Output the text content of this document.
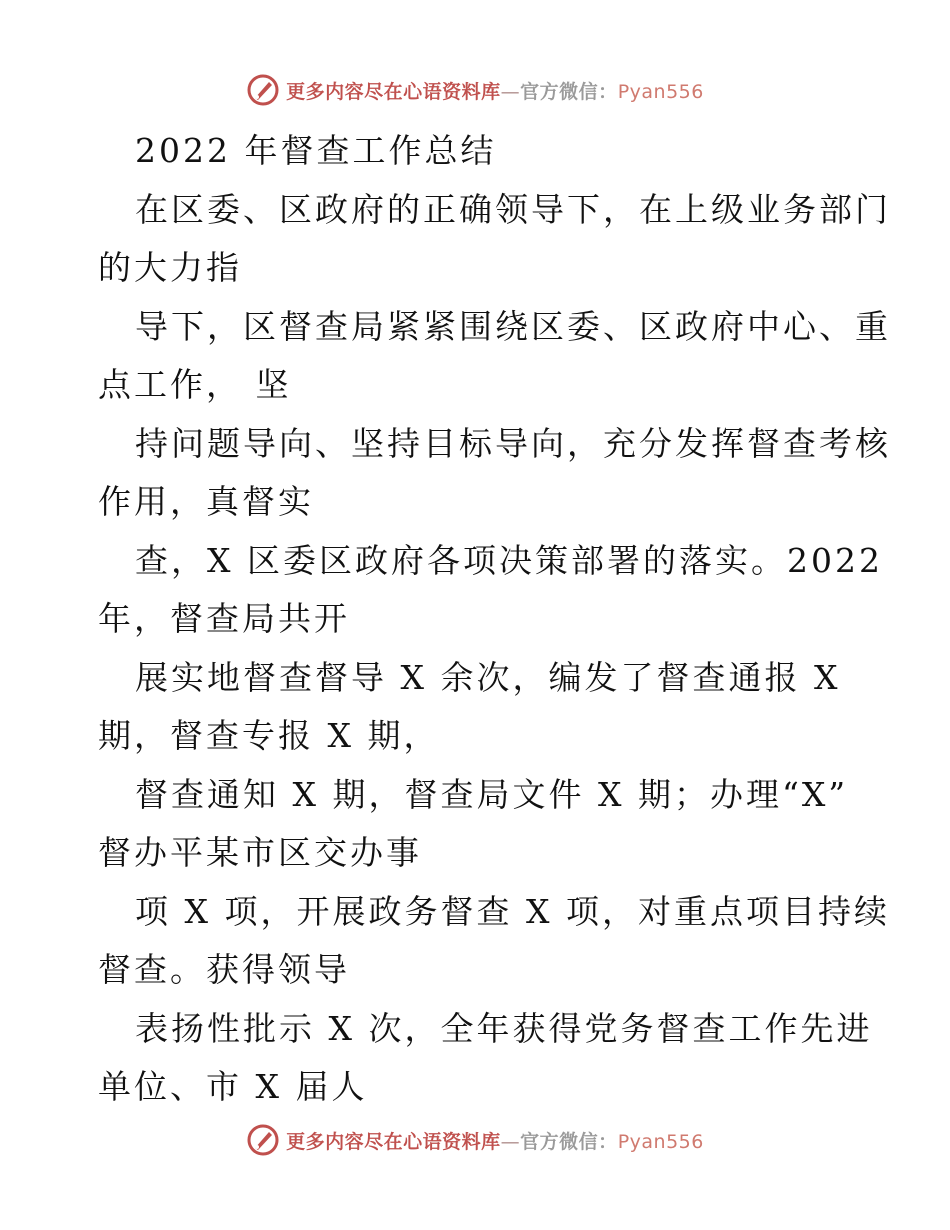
更多内容尽在心语资料库—官方微信：Pyan556
2022 年督查工作总结
在区委、区政府的正确领导下，在上级业务部门
的大力指
导下，区督查局紧紧围绕区委、区政府中心、重
点工作， 坚
持问题导向、坚持目标导向，充分发挥督查考核
作用，真督实
查，X 区委区政府各项决策部署的落实。2022
年，督查局共开
展实地督查督导 X 余次，编发了督查通报 X
期，督查专报 X 期，
督查通知 X 期，督查局文件 X 期；办理“X”
督办平某市区交办事
项 X 项，开展政务督查 X 项，对重点项目持续
督查。获得领导
表扬性批示 X 次，全年获得党务督查工作先进
单位、市 X 届人
更多内容尽在心语资料库—官方微信：Pyan556
